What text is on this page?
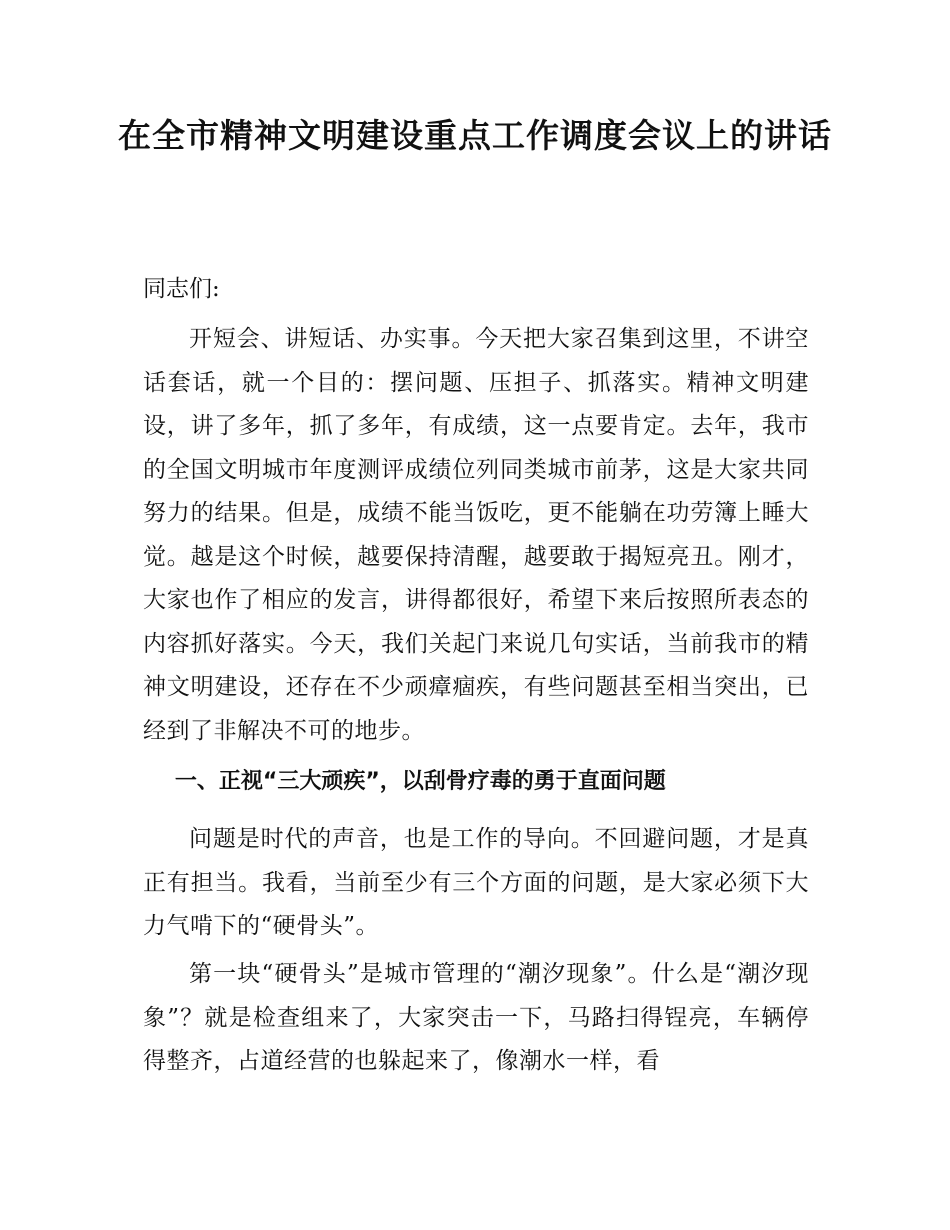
在全市精神文明建设重点工作调度会议上的讲话

同志们:

开短会、讲短话、办实事。今天把大家召集到这里，不讲空话套话，就一个目的：摆问题、压担子、抓落实。精神文明建设，讲了多年，抓了多年，有成绩，这一点要肯定。去年，我市的全国文明城市年度测评成绩位列同类城市前茅，这是大家共同努力的结果。但是，成绩不能当饭吃，更不能躺在功劳簿上睡大觉。越是这个时候，越要保持清醒，越要敢于揭短亮丑。刚才，大家也作了相应的发言，讲得都很好，希望下来后按照所表态的内容抓好落实。今天，我们关起门来说几句实话，当前我市的精神文明建设，还存在不少顽瘴痼疾，有些问题甚至相当突出，已经到了非解决不可的地步。

一、正视“三大顽疾”，以刮骨疗毒的勇于直面问题

问题是时代的声音，也是工作的导向。不回避问题，才是真正有担当。我看，当前至少有三个方面的问题，是大家必须下大力气啃下的“硬骨头”。

第一块“硬骨头”是城市管理的“潮汐现象”。什么是“潮汐现象”？就是检查组来了，大家突击一下，马路扫得锃亮，车辆停得整齐，占道经营的也躲起来了，像潮水一样，看
